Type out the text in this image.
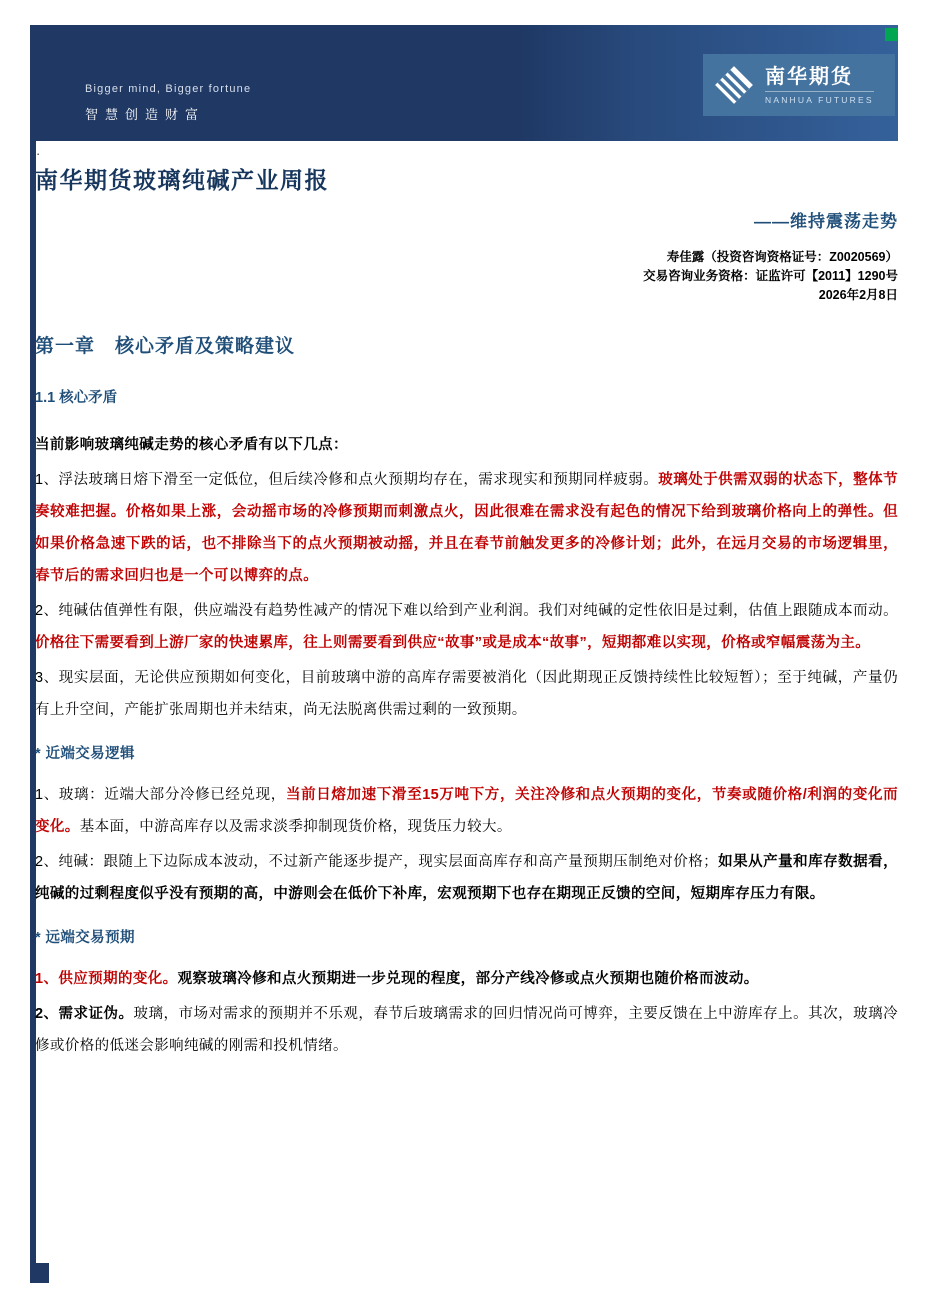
Bigger mind, Bigger fortune
智慧创造财富
南华期货
NANHUA FUTURES
·
南华期货玻璃纯碱产业周报
——维持震荡走势
寿佳露（投资咨询资格证号：Z0020569）
交易咨询业务资格：证监许可【2011】1290号
2026年2月8日
第一章　核心矛盾及策略建议
1.1 核心矛盾

当前影响玻璃纯碱走势的核心矛盾有以下几点：

1、浮法玻璃日熔下滑至一定低位，但后续冷修和点火预期均存在，需求现实和预期同样疲弱。玻璃处于供需双弱的状态下，整体节奏较难把握。价格如果上涨，会动摇市场的冷修预期而刺激点火，因此很难在需求没有起色的情况下给到玻璃价格向上的弹性。但如果价格急速下跌的话，也不排除当下的点火预期被动摇，并且在春节前触发更多的冷修计划；此外，在远月交易的市场逻辑里，春节后的需求回归也是一个可以博弈的点。

2、纯碱估值弹性有限，供应端没有趋势性减产的情况下难以给到产业利润。我们对纯碱的定性依旧是过剩，估值上跟随成本而动。价格往下需要看到上游厂家的快速累库，往上则需要看到供应“故事”或是成本“故事”，短期都难以实现，价格或窄幅震荡为主。

3、现实层面，无论供应预期如何变化，目前玻璃中游的高库存需要被消化（因此期现正反馈持续性比较短暂）；至于纯碱，产量仍有上升空间，产能扩张周期也并未结束，尚无法脱离供需过剩的一致预期。

* 近端交易逻辑

1、玻璃：近端大部分冷修已经兑现，当前日熔加速下滑至15万吨下方，关注冷修和点火预期的变化，节奏或随价格/利润的变化而变化。基本面，中游高库存以及需求淡季抑制现货价格，现货压力较大。

2、纯碱：跟随上下边际成本波动，不过新产能逐步提产，现实层面高库存和高产量预期压制绝对价格；如果从产量和库存数据看，纯碱的过剩程度似乎没有预期的高，中游则会在低价下补库，宏观预期下也存在期现正反馈的空间，短期库存压力有限。

* 远端交易预期

1、供应预期的变化。观察玻璃冷修和点火预期进一步兑现的程度，部分产线冷修或点火预期也随价格而波动。

2、需求证伪。玻璃，市场对需求的预期并不乐观，春节后玻璃需求的回归情况尚可博弈，主要反馈在上中游库存上。其次，玻璃冷修或价格的低迷会影响纯碱的刚需和投机情绪。
